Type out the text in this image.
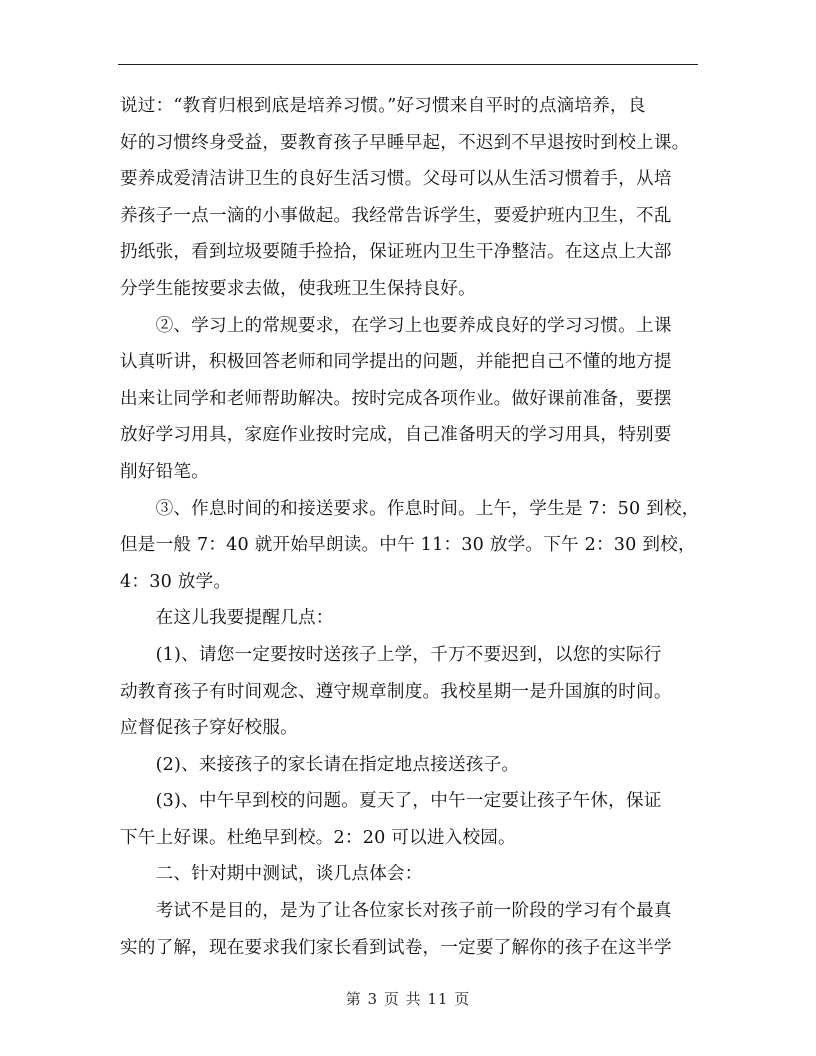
说过：“教育归根到底是培养习惯。”好习惯来自平时的点滴培养，良
好的习惯终身受益，要教育孩子早睡早起，不迟到不早退按时到校上课。
要养成爱清洁讲卫生的良好生活习惯。父母可以从生活习惯着手，从培
养孩子一点一滴的小事做起。我经常告诉学生，要爱护班内卫生，不乱
扔纸张，看到垃圾要随手捡拾，保证班内卫生干净整洁。在这点上大部
分学生能按要求去做，使我班卫生保持良好。

　　②、学习上的常规要求，在学习上也要养成良好的学习习惯。上课
认真听讲，积极回答老师和同学提出的问题，并能把自己不懂的地方提
出来让同学和老师帮助解决。按时完成各项作业。做好课前准备，要摆
放好学习用具，家庭作业按时完成，自己准备明天的学习用具，特别要
削好铅笔。

　　③、作息时间的和接送要求。作息时间。上午，学生是 7：50 到校，
但是一般 7：40 就开始早朗读。中午 11：30 放学。下午 2：30 到校，
4：30 放学。

　　在这儿我要提醒几点：

　　(1)、请您一定要按时送孩子上学，千万不要迟到，以您的实际行
动教育孩子有时间观念、遵守规章制度。我校星期一是升国旗的时间。
应督促孩子穿好校服。

　　(2)、来接孩子的家长请在指定地点接送孩子。

　　(3)、中午早到校的问题。夏天了，中午一定要让孩子午休，保证
下午上好课。杜绝早到校。2：20 可以进入校园。

　　二、针对期中测试，谈几点体会：

　　考试不是目的，是为了让各位家长对孩子前一阶段的学习有个最真
实的了解，现在要求我们家长看到试卷，一定要了解你的孩子在这半学

第 3 页 共 11 页
